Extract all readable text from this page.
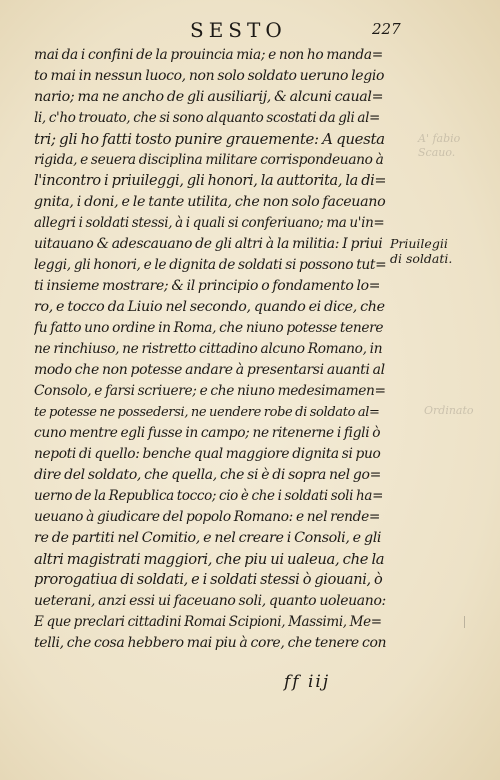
A' fabio
Scauo.
Ordinato
SESTO	227
mai da i confini de la prouincia mia; e non ho manda=
to mai in nessun luoco, non solo soldato ueruno legio
nario; ma ne ancho de gli ausiliarij, & alcuni caual=
li, c'ho trouato, che si sono alquanto scostati da gli al=
tri; gli ho fatti tosto punire grauemente: A questa
rigida, e seuera disciplina militare corrispondeuano à
l'incontro i priuileggi, gli honori, la auttorita, la di=
gnita, i doni, e le tante utilita, che non solo faceuano
allegri i soldati stessi, à i quali si conferiuano; ma u'in=
uitauano & adescauano de gli altri à la militia: I priui
leggi, gli honori, e le dignita de soldati si possono tut=
ti insieme mostrare; & il principio o fondamento lo=
ro, e tocco da Liuio nel secondo, quando ei dice, che
fu fatto uno ordine in Roma, che niuno potesse tenere
ne rinchiuso, ne ristretto cittadino alcuno Romano, in
modo che non potesse andare à presentarsi auanti al
Consolo, e farsi scriuere; e che niuno medesimamen=
te potesse ne possedersi, ne uendere robe di soldato al=
cuno mentre egli fusse in campo; ne ritenerne i figli ò
nepoti di quello: benche qual maggiore dignita si puo
dire del soldato, che quella, che si è di sopra nel go=
uerno de la Republica tocco; cio è che i soldati soli ha=
ueuano à giudicare del popolo Romano: e nel rende=
re de partiti nel Comitio, e nel creare i Consoli, e gli
altri magistrati maggiori, che piu ui ualeua, che la
prorogatiua di soldati, e i soldati stessi ò giouani, ò
ueterani, anzi essi ui faceuano soli, quanto uoleuano:
E que preclari cittadini Romai Scipioni, Massimi, Me=
telli, che cosa hebbero mai piu à core, che tenere con
Priuilegii
di soldati.
ff iij
